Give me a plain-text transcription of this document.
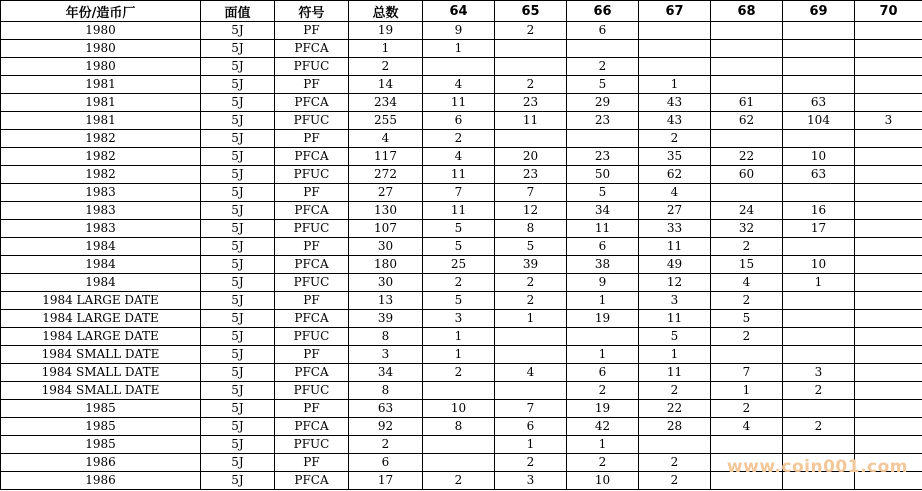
年份/造币厂	面值	符号	总数	64	65	66	67	68	69	70
1980	5J	PF	19	9	2	6				
1980	5J	PFCA	1	1						
1980	5J	PFUC	2			2				
1981	5J	PF	14	4	2	5	1			
1981	5J	PFCA	234	11	23	29	43	61	63	
1981	5J	PFUC	255	6	11	23	43	62	104	3
1982	5J	PF	4	2			2			
1982	5J	PFCA	117	4	20	23	35	22	10	
1982	5J	PFUC	272	11	23	50	62	60	63	
1983	5J	PF	27	7	7	5	4			
1983	5J	PFCA	130	11	12	34	27	24	16	
1983	5J	PFUC	107	5	8	11	33	32	17	
1984	5J	PF	30	5	5	6	11	2		
1984	5J	PFCA	180	25	39	38	49	15	10	
1984	5J	PFUC	30	2	2	9	12	4	1	
1984 LARGE DATE	5J	PF	13	5	2	1	3	2		
1984 LARGE DATE	5J	PFCA	39	3	1	19	11	5		
1984 LARGE DATE	5J	PFUC	8	1			5	2		
1984 SMALL DATE	5J	PF	3	1		1	1			
1984 SMALL DATE	5J	PFCA	34	2	4	6	11	7	3	
1984 SMALL DATE	5J	PFUC	8			2	2	1	2	
1985	5J	PF	63	10	7	19	22	2		
1985	5J	PFCA	92	8	6	42	28	4	2	
1985	5J	PFUC	2		1	1				
1986	5J	PF	6		2	2	2			
1986	5J	PFCA	17	2	3	10	2			
www.coin001.com
